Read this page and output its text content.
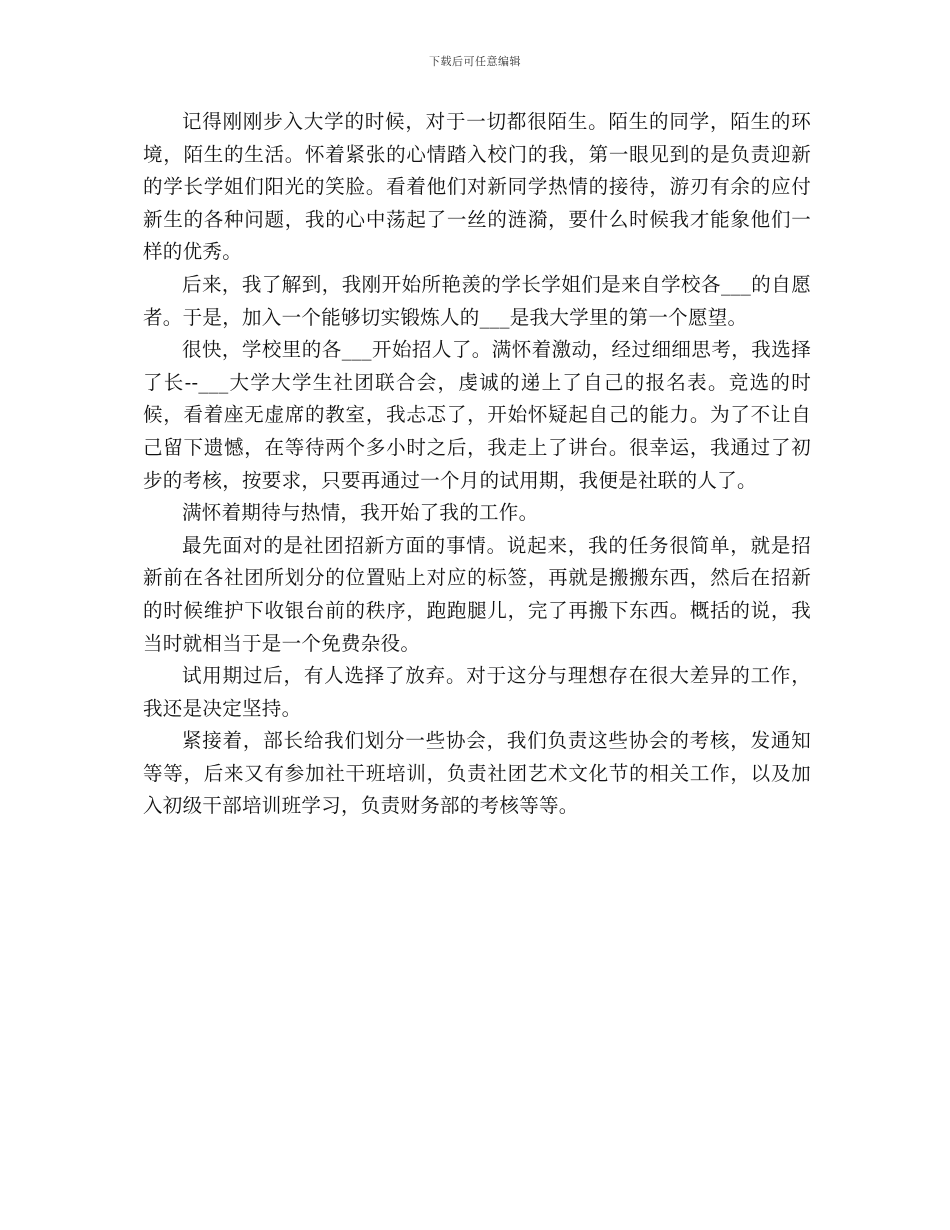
下载后可任意编辑

记得刚刚步入大学的时候，对于一切都很陌生。陌生的同学，陌生的环境，陌生的生活。怀着紧张的心情踏入校门的我，第一眼见到的是负责迎新的学长学姐们阳光的笑脸。看着他们对新同学热情的接待，游刃有余的应付新生的各种问题，我的心中荡起了一丝的涟漪，要什么时候我才能象他们一样的优秀。

后来，我了解到，我刚开始所艳羡的学长学姐们是来自学校各___的自愿者。于是，加入一个能够切实锻炼人的___是我大学里的第一个愿望。

很快，学校里的各___开始招人了。满怀着激动，经过细细思考，我选择了长--___大学大学生社团联合会，虔诚的递上了自己的报名表。竞选的时候，看着座无虚席的教室，我忐忑了，开始怀疑起自己的能力。为了不让自己留下遗憾，在等待两个多小时之后，我走上了讲台。很幸运，我通过了初步的考核，按要求，只要再通过一个月的试用期，我便是社联的人了。

满怀着期待与热情，我开始了我的工作。

最先面对的是社团招新方面的事情。说起来，我的任务很简单，就是招新前在各社团所划分的位置贴上对应的标签，再就是搬搬东西，然后在招新的时候维护下收银台前的秩序，跑跑腿儿，完了再搬下东西。概括的说，我当时就相当于是一个免费杂役。

试用期过后，有人选择了放弃。对于这分与理想存在很大差异的工作，我还是决定坚持。

紧接着，部长给我们划分一些协会，我们负责这些协会的考核，发通知等等，后来又有参加社干班培训，负责社团艺术文化节的相关工作，以及加入初级干部培训班学习，负责财务部的考核等等。
